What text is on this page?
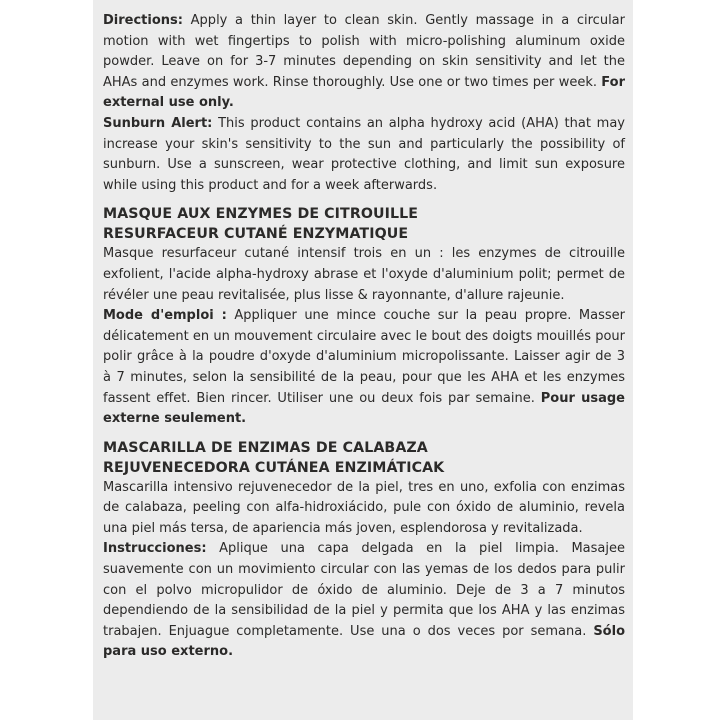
Directions: Apply a thin layer to clean skin. Gently massage in a circular motion with wet fingertips to polish with micro-polishing aluminum oxide powder. Leave on for 3-7 minutes depending on skin sensitivity and let the AHAs and enzymes work. Rinse thoroughly. Use one or two times per week. For external use only.

Sunburn Alert: This product contains an alpha hydroxy acid (AHA) that may increase your skin's sensitivity to the sun and particularly the possibility of sunburn. Use a sunscreen, wear protective clothing, and limit sun exposure while using this product and for a week afterwards.

MASQUE AUX ENZYMES DE CITROUILLE
RESURFACEUR CUTANÉ ENZYMATIQUE

Masque resurfaceur cutané intensif trois en un : les enzymes de citrouille exfolient, l'acide alpha-hydroxy abrase et l'oxyde d'aluminium polit; permet de révéler une peau revitalisée, plus lisse & rayonnante, d'allure rajeunie.

Mode d'emploi : Appliquer une mince couche sur la peau propre. Masser délicatement en un mouvement circulaire avec le bout des doigts mouillés pour polir grâce à la poudre d'oxyde d'aluminium micropolissante. Laisser agir de 3 à 7 minutes, selon la sensibilité de la peau, pour que les AHA et les enzymes fassent effet. Bien rincer. Utiliser une ou deux fois par semaine. Pour usage externe seulement.

MASCARILLA DE ENZIMAS DE CALABAZA
REJUVENECEDORA CUTÁNEA ENZIMÁTICAK

Mascarilla intensivo rejuvenecedor de la piel, tres en uno, exfolia con enzimas de calabaza, peeling con alfa-hidroxiácido, pule con óxido de aluminio, revela una piel más tersa, de apariencia más joven, esplendorosa y revitalizada.

Instrucciones: Aplique una capa delgada en la piel limpia. Masajee suavemente con un movimiento circular con las yemas de los dedos para pulir con el polvo micropulidor de óxido de aluminio. Deje de 3 a 7 minutos dependiendo de la sensibilidad de la piel y permita que los AHA y las enzimas trabajen. Enjuague completamente. Use una o dos veces por semana. Sólo para uso externo.
